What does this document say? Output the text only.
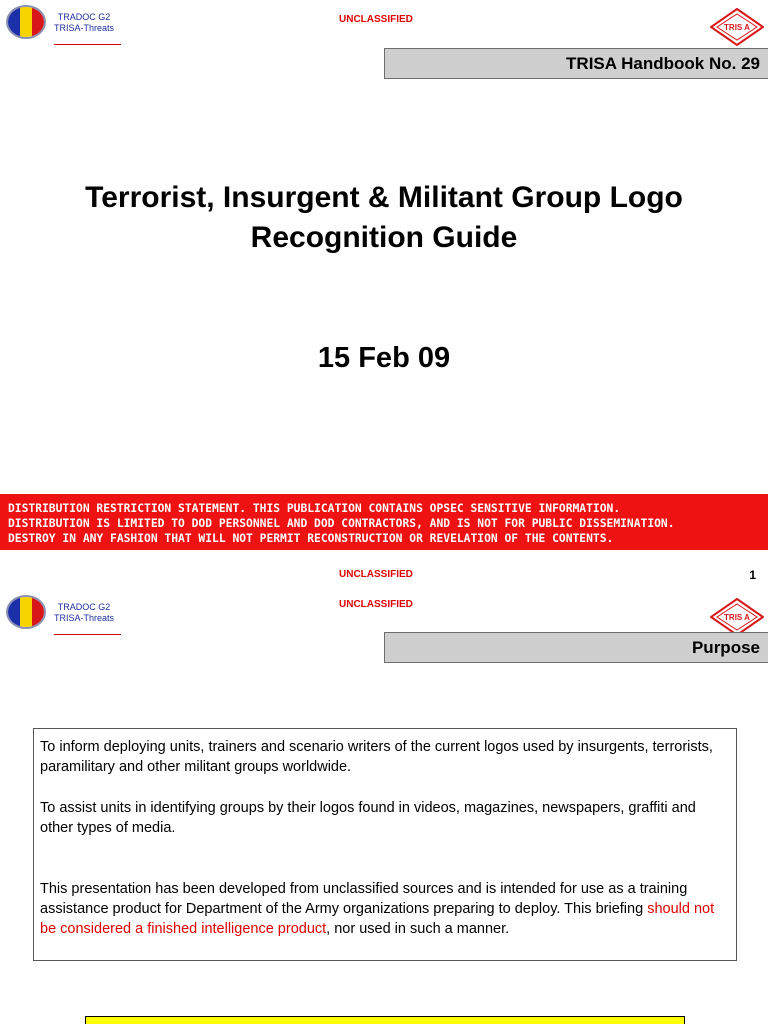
TRADOC G2
TRISA-Threats
UNCLASSIFIED
TRIS A
TRISA Handbook No. 29
Terrorist, Insurgent & Militant Group Logo
Recognition Guide
15 Feb 09
DISTRIBUTION RESTRICTION STATEMENT. THIS PUBLICATION CONTAINS OPSEC SENSITIVE INFORMATION.
DISTRIBUTION IS LIMITED TO DOD PERSONNEL AND DOD CONTRACTORS, AND IS NOT FOR PUBLIC DISSEMINATION.
DESTROY IN ANY FASHION THAT WILL NOT PERMIT RECONSTRUCTION OR REVELATION OF THE CONTENTS.
UNCLASSIFIED	1
TRADOC G2
TRISA-Threats
UNCLASSIFIED
TRIS A
Purpose

To inform deploying units, trainers and scenario writers of the current logos used by insurgents, terrorists, paramilitary and other militant groups worldwide.

To assist units in identifying groups by their logos found in videos, magazines, newspapers, graffiti and other types of media.

This presentation has been developed from unclassified sources and is intended for use as a training assistance product for Department of the Army organizations preparing to deploy. This briefing should not be considered a finished intelligence product, nor used in such a manner.
